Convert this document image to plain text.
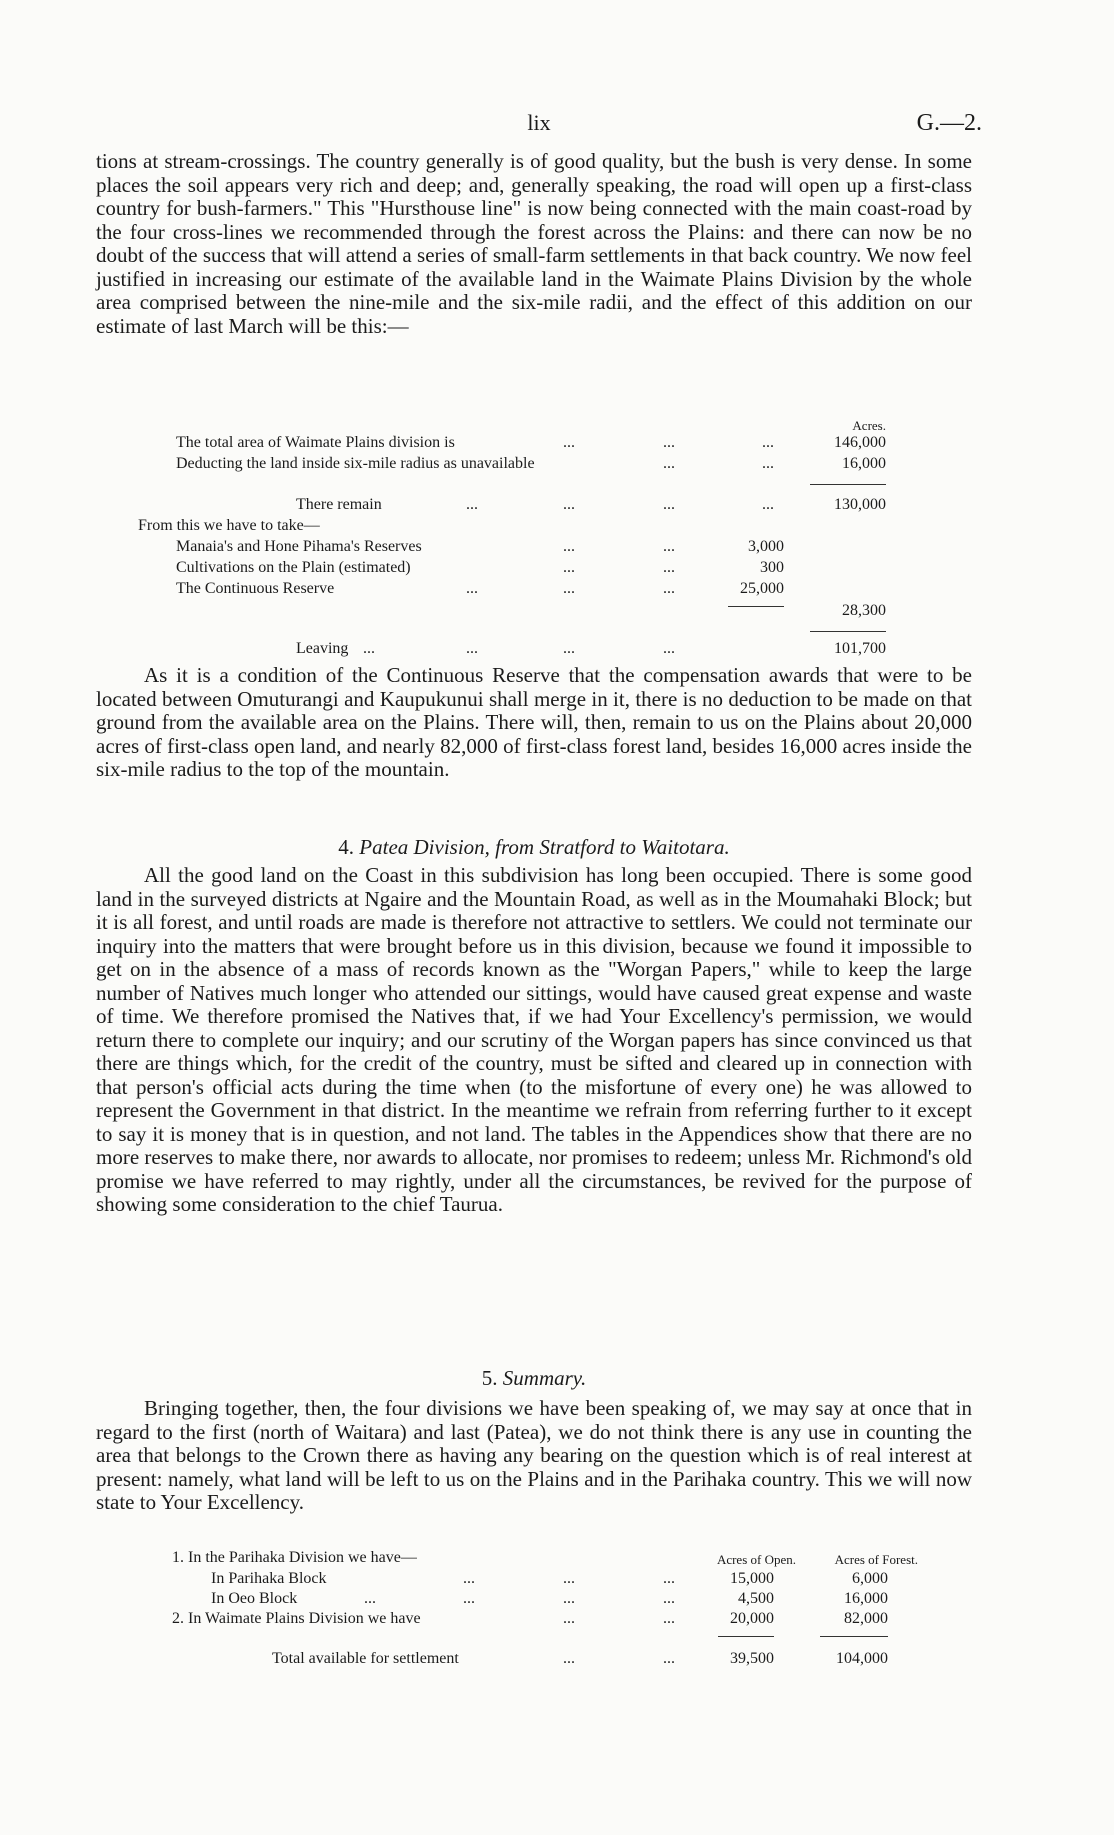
lix	G.—2.

tions at stream-crossings. The country generally is of good quality, but the bush is very dense. In some places the soil appears very rich and deep; and, generally speaking, the road will open up a first-class country for bush-farmers." This "Hursthouse line" is now being connected with the main coast-road by the four cross-lines we recommended through the forest across the Plains: and there can now be no doubt of the success that will attend a series of small-farm settlements in that back country. We now feel justified in increasing our estimate of the available land in the Waimate Plains Division by the whole area comprised between the nine-mile and the six-mile radii, and the effect of this addition on our estimate of last March will be this:—

Acres.
The total area of Waimate Plains division is	...	...	...	146,000
Deducting the land inside six-mile radius as unavailable	...	...	16,000
There remain	...	...	...	...	130,000
From this we have to take—
Manaia's and Hone Pihama's Reserves	...	...	3,000
Cultivations on the Plain (estimated)	...	...	300
The Continuous Reserve	...	...	...	25,000
28,300
Leaving ...	...	...	...	101,700

As it is a condition of the Continuous Reserve that the compensation awards that were to be located between Omuturangi and Kaupukunui shall merge in it, there is no deduction to be made on that ground from the available area on the Plains. There will, then, remain to us on the Plains about 20,000 acres of first-class open land, and nearly 82,000 of first-class forest land, besides 16,000 acres inside the six-mile radius to the top of the mountain.

4. Patea Division, from Stratford to Waitotara.

All the good land on the Coast in this subdivision has long been occupied. There is some good land in the surveyed districts at Ngaire and the Mountain Road, as well as in the Moumahaki Block; but it is all forest, and until roads are made is therefore not attractive to settlers. We could not terminate our inquiry into the matters that were brought before us in this division, because we found it impossible to get on in the absence of a mass of records known as the "Worgan Papers," while to keep the large number of Natives much longer who attended our sittings, would have caused great expense and waste of time. We therefore promised the Natives that, if we had Your Excellency's permission, we would return there to complete our inquiry; and our scrutiny of the Worgan papers has since convinced us that there are things which, for the credit of the country, must be sifted and cleared up in connection with that person's official acts during the time when (to the misfortune of every one) he was allowed to represent the Government in that district. In the meantime we refrain from referring further to it except to say it is money that is in question, and not land. The tables in the Appendices show that there are no more reserves to make there, nor awards to allocate, nor promises to redeem; unless Mr. Richmond's old promise we have referred to may rightly, under all the circumstances, be revived for the purpose of showing some consideration to the chief Taurua.

5. Summary.

Bringing together, then, the four divisions we have been speaking of, we may say at once that in regard to the first (north of Waitara) and last (Patea), we do not think there is any use in counting the area that belongs to the Crown there as having any bearing on the question which is of real interest at present: namely, what land will be left to us on the Plains and in the Parihaka country. This we will now state to Your Excellency.

1. In the Parihaka Division we have—	Acres of Open.	Acres of Forest.
In Parihaka Block	...	...	...	15,000	6,000
In Oeo Block	...	...	...	...	4,500	16,000
2. In Waimate Plains Division we have	...	...	20,000	82,000
Total available for settlement	...	...	39,500	104,000
